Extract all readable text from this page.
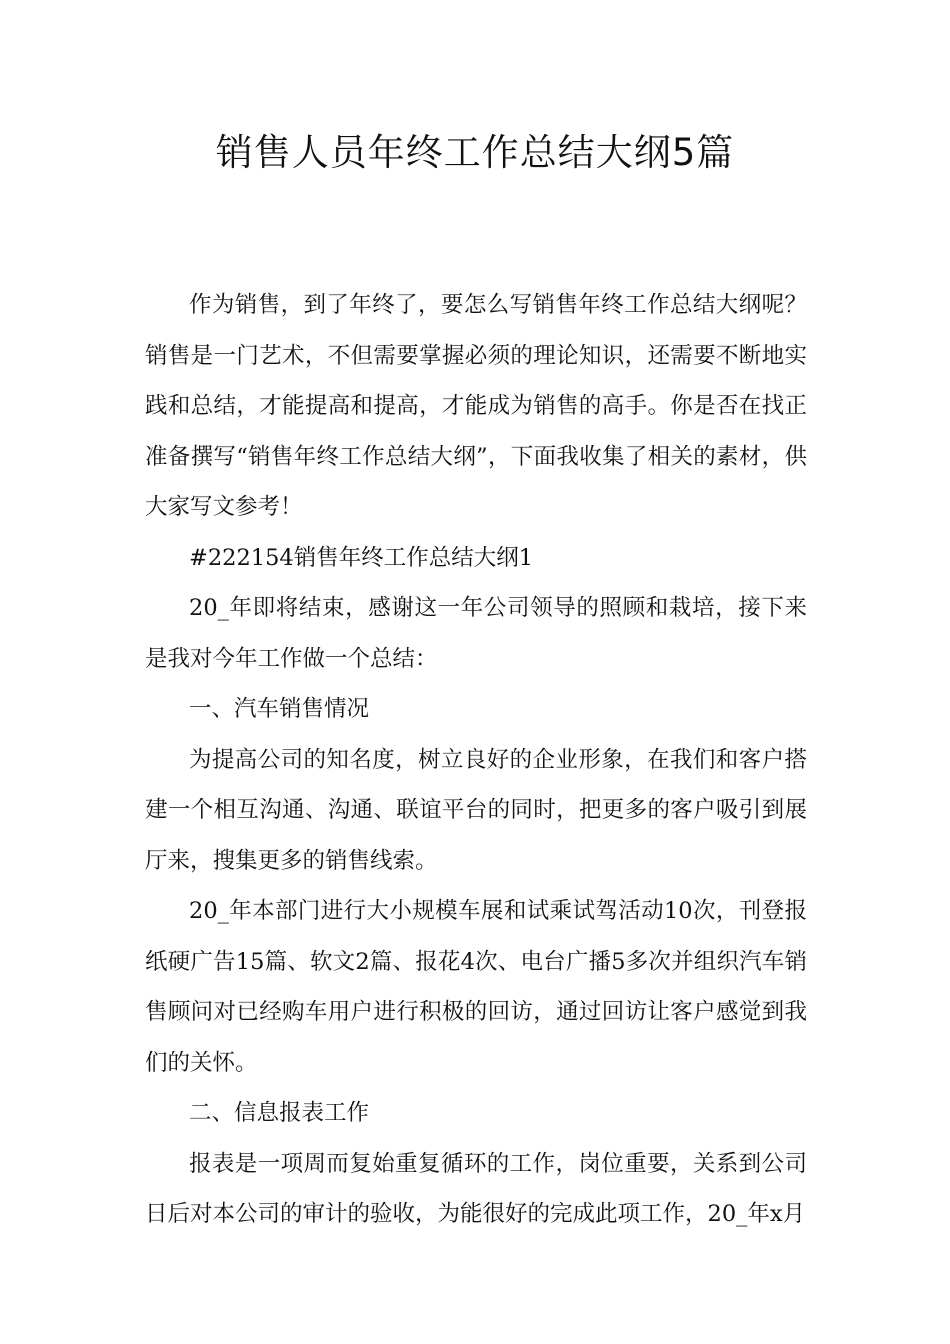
销售人员年终工作总结大纲5篇

作为销售，到了年终了，要怎么写销售年终工作总结大纲呢？销售是一门艺术，不但需要掌握必须的理论知识，还需要不断地实践和总结，才能提高和提高，才能成为销售的高手。你是否在找正准备撰写“销售年终工作总结大纲”，下面我收集了相关的素材，供大家写文参考！

#222154销售年终工作总结大纲1

20_年即将结束，感谢这一年公司领导的照顾和栽培，接下来是我对今年工作做一个总结：

一、汽车销售情况

为提高公司的知名度，树立良好的企业形象，在我们和客户搭建一个相互沟通、沟通、联谊平台的同时，把更多的客户吸引到展厅来，搜集更多的销售线索。

20_年本部门进行大小规模车展和试乘试驾活动10次，刊登报纸硬广告15篇、软文2篇、报花4次、电台广播5多次并组织汽车销售顾问对已经购车用户进行积极的回访，通过回访让客户感觉到我们的关怀。

二、信息报表工作

报表是一项周而复始重复循环的工作，岗位重要，关系到公司日后对本公司的审计的验收，为能很好的完成此项工作，20_年x月
